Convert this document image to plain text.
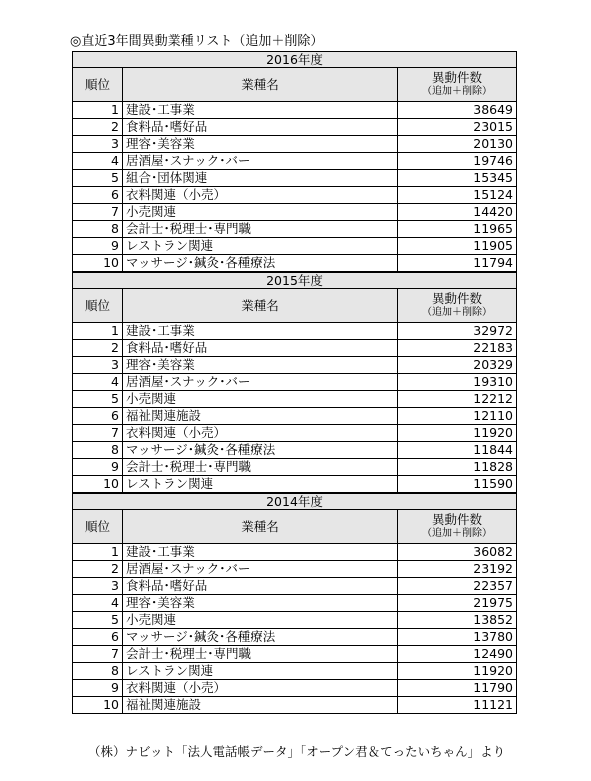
◎直近3年間異動業種リスト（追加＋削除）
2016年度		
順位	業種名	異動件数
（追加＋削除）

1	建設･工事業	38649
2	食料品･嗜好品	23015
3	理容･美容業	20130
4	居酒屋･スナック･バー	19746
5	組合･団体関連	15345
6	衣料関連（小売）	15124
7	小売関連	14420
8	会計士･税理士･専門職	11965
9	レストラン関連	11905
10	マッサージ･鍼灸･各種療法	11794
2015年度		
順位	業種名	異動件数
（追加＋削除）

1	建設･工事業	32972
2	食料品･嗜好品	22183
3	理容･美容業	20329
4	居酒屋･スナック･バー	19310
5	小売関連	12212
6	福祉関連施設	12110
7	衣料関連（小売）	11920
8	マッサージ･鍼灸･各種療法	11844
9	会計士･税理士･専門職	11828
10	レストラン関連	11590
2014年度		
順位	業種名	異動件数
（追加＋削除）

1	建設･工事業	36082
2	居酒屋･スナック･バー	23192
3	食料品･嗜好品	22357
4	理容･美容業	21975
5	小売関連	13852
6	マッサージ･鍼灸･各種療法	13780
7	会計士･税理士･専門職	12490
8	レストラン関連	11920
9	衣料関連（小売）	11790
10	福祉関連施設	11121
（株）ナビット「法人電話帳データ」「オープン君＆てったいちゃん」より
